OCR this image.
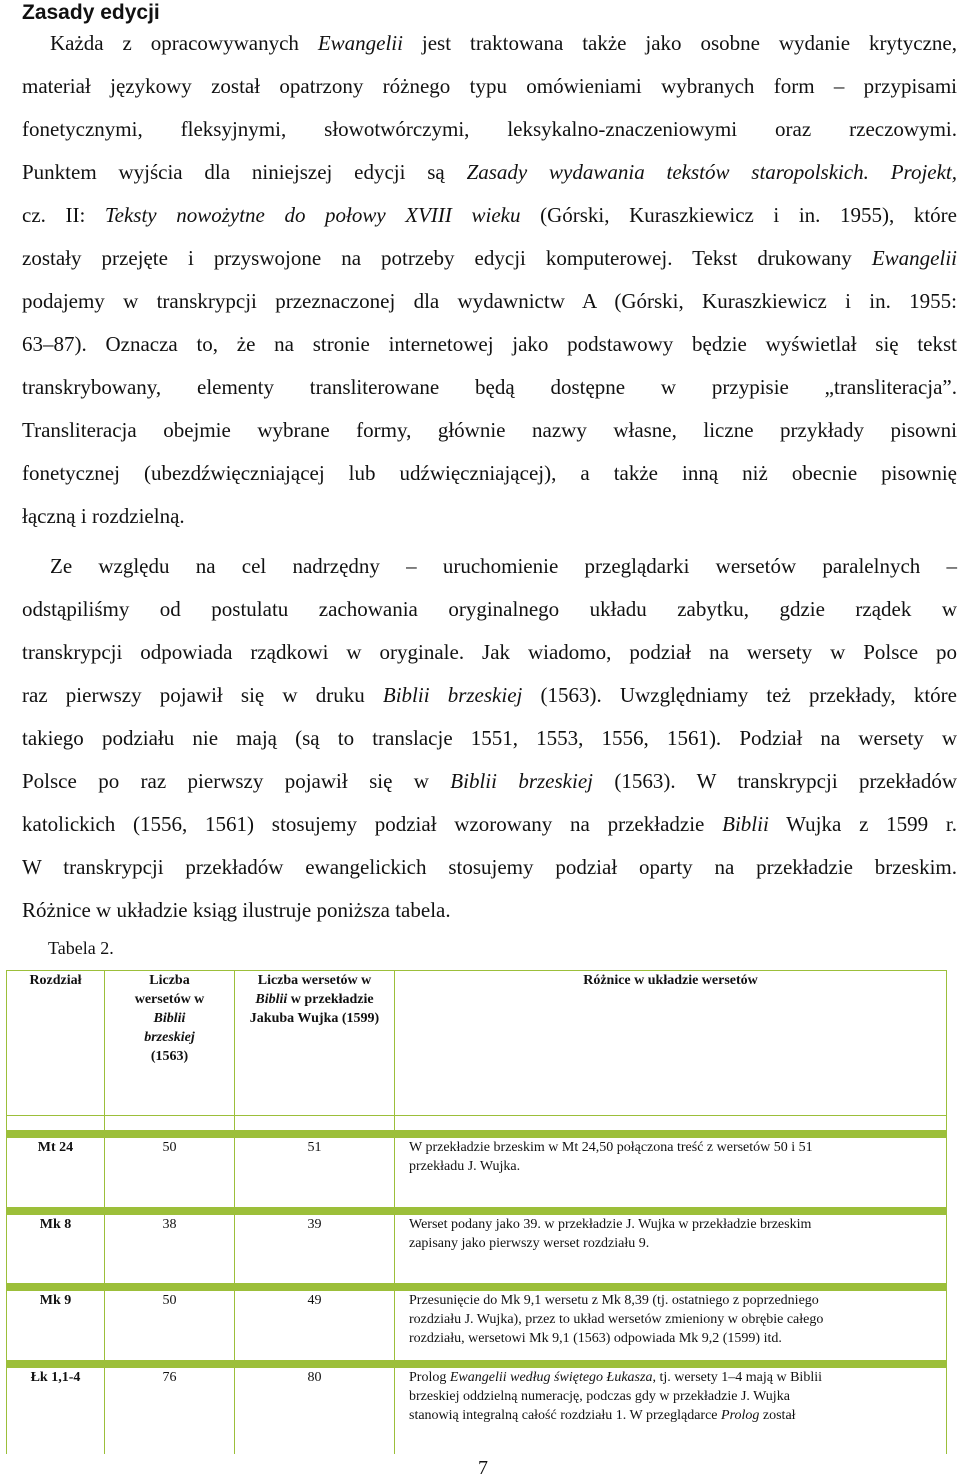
Zasady edycji
Każda z opracowywanych Ewangelii jest traktowana także jako osobne wydanie krytyczne,
materiał językowy został opatrzony różnego typu omówieniami wybranych form – przypisami
fonetycznymi, fleksyjnymi, słowotwórczymi, leksykalno-znaczeniowymi oraz rzeczowymi.
Punktem wyjścia dla niniejszej edycji są Zasady wydawania tekstów staropolskich. Projekt,
cz. II: Teksty nowożytne do połowy XVIII wieku (Górski, Kuraszkiewicz i in. 1955), które
zostały przejęte i przyswojone na potrzeby edycji komputerowej. Tekst drukowany Ewangelii
podajemy w transkrypcji przeznaczonej dla wydawnictw A (Górski, Kuraszkiewicz i in. 1955:
63–87). Oznacza to, że na stronie internetowej jako podstawowy będzie wyświetlał się tekst
transkrybowany, elementy transliterowane będą dostępne w przypisie „transliteracja”.
Transliteracja obejmie wybrane formy, głównie nazwy własne, liczne przykłady pisowni
fonetycznej (ubezdźwięczniającej lub udźwięczniającej), a także inną niż obecnie pisownię
łączną i rozdzielną.
Ze względu na cel nadrzędny – uruchomienie przeglądarki wersetów paralelnych –
odstąpiliśmy od postulatu zachowania oryginalnego układu zabytku, gdzie rządek w
transkrypcji odpowiada rządkowi w oryginale. Jak wiadomo, podział na wersety w Polsce po
raz pierwszy pojawił się w druku Biblii brzeskiej (1563). Uwzględniamy też przekłady, które
takiego podziału nie mają (są to translacje 1551, 1553, 1556, 1561). Podział na wersety w
Polsce po raz pierwszy pojawił się w Biblii brzeskiej (1563). W transkrypcji przekładów
katolickich (1556, 1561) stosujemy podział wzorowany na przekładzie Biblii Wujka z 1599 r.
W transkrypcji przekładów ewangelickich stosujemy podział oparty na przekładzie brzeskim.
Różnice w układzie ksiąg ilustruje poniższa tabela.
Tabela 2.
Rozdział	Liczba
wersetów w
Biblii
brzeskiej
(1563)	Liczba wersetów w
Biblii w przekładzie
Jakuba Wujka (1599)	Różnice w układzie wersetów

Mt 24	50	51	W przekładzie brzeskim w Mt 24,50 połączona treść z wersetów 50 i 51
przekładu J. Wujka.

Mk 8	38	39	Werset podany jako 39. w przekładzie J. Wujka w przekładzie brzeskim
zapisany jako pierwszy werset rozdziału 9.

Mk 9	50	49	Przesunięcie do Mk 9,1 wersetu z Mk 8,39 (tj. ostatniego z poprzedniego
rozdziału J. Wujka), przez to układ wersetów zmieniony w obrębie całego
rozdziału, wersetowi Mk 9,1 (1563) odpowiada Mk 9,2 (1599) itd.

Łk 1,1-4	76	80	Prolog Ewangelii według świętego Łukasza, tj. wersety 1–4 mają w Biblii
brzeskiej oddzielną numerację, podczas gdy w przekładzie J. Wujka
stanowią integralną całość rozdziału 1. W przeglądarce Prolog został
7
